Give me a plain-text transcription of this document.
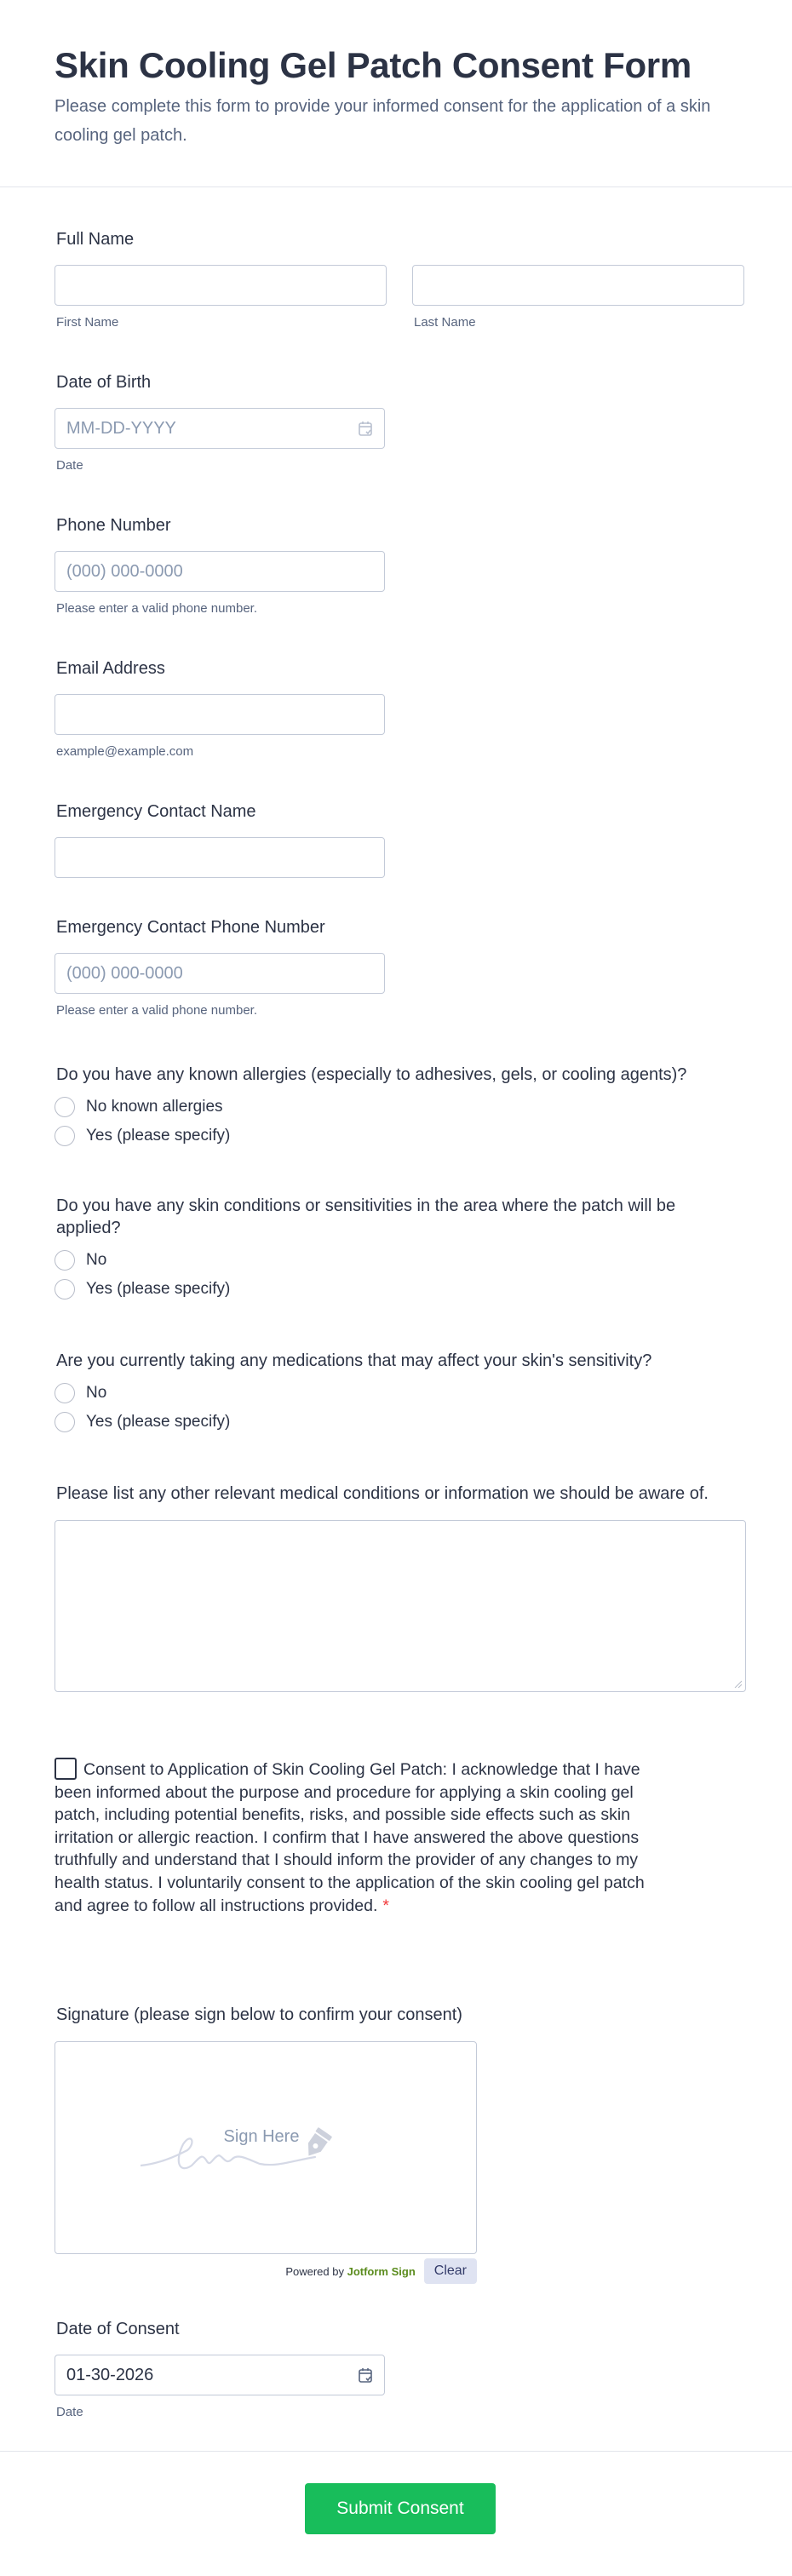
Skin Cooling Gel Patch Consent Form

Please complete this form to provide your informed consent for the application of a skin cooling gel patch.

Full Name
First Name	Last Name
Date of Birth
MM-DD-YYYY
Date
Phone Number
(000) 000-0000
Please enter a valid phone number.
Email Address
example@example.com
Emergency Contact Name
Emergency Contact Phone Number
(000) 000-0000
Please enter a valid phone number.
Do you have any known allergies (especially to adhesives, gels, or cooling agents)?
No known allergies
Yes (please specify)
Do you have any skin conditions or sensitivities in the area where the patch will be applied?
No
Yes (please specify)
Are you currently taking any medications that may affect your skin's sensitivity?
No
Yes (please specify)
Please list any other relevant medical conditions or information we should be aware of.
Consent to Application of Skin Cooling Gel Patch: I acknowledge that I have been informed about the purpose and procedure for applying a skin cooling gel patch, including potential benefits, risks, and possible side effects such as skin irritation or allergic reaction. I confirm that I have answered the above questions truthfully and understand that I should inform the provider of any changes to my health status. I voluntarily consent to the application of the skin cooling gel patch and agree to follow all instructions provided. *
Signature (please sign below to confirm your consent)
Sign Here
Powered by Jotform Sign	Clear
Date of Consent
01-30-2026
Date
Submit Consent
